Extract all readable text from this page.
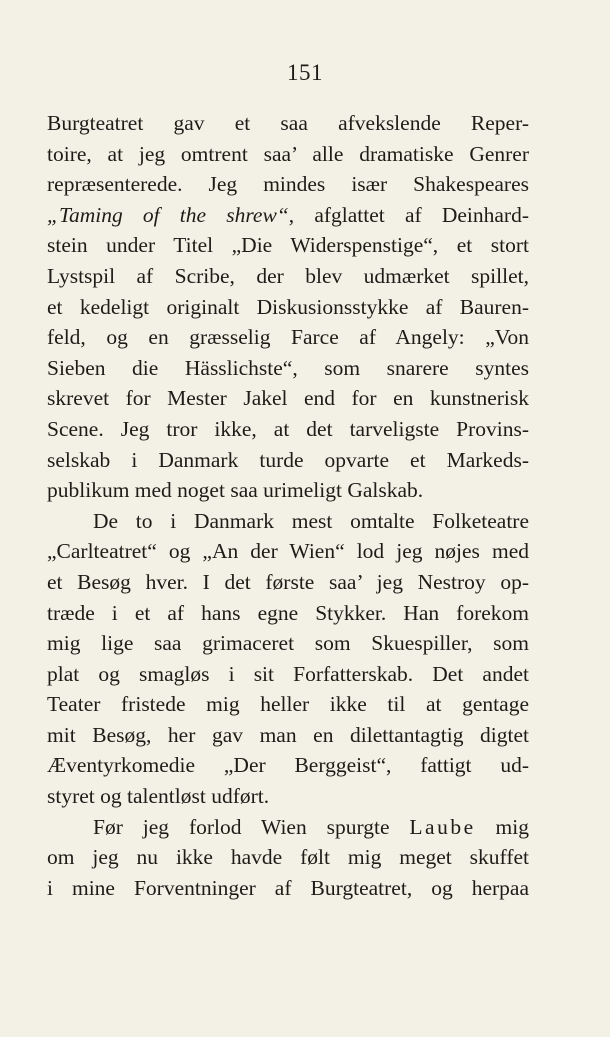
151
Burgteatret gav et saa afvekslende Reper-
toire, at jeg omtrent saa’ alle dramatiske Genrer
repræsenterede. Jeg mindes især Shakespeares
„Taming of the shrew“, afglattet af Deinhard-
stein under Titel „Die Widerspenstige“, et stort
Lystspil af Scribe, der blev udmærket spillet,
et kedeligt originalt Diskusionsstykke af Bauren-
feld, og en græsselig Farce af Angely: „Von
Sieben die Hässlichste“, som snarere syntes
skrevet for Mester Jakel end for en kunstnerisk
Scene. Jeg tror ikke, at det tarveligste Provins-
selskab i Danmark turde opvarte et Markeds-
publikum med noget saa urimeligt Galskab.
De to i Danmark mest omtalte Folketeatre
„Carlteatret“ og „An der Wien“ lod jeg nøjes med
et Besøg hver. I det første saa’ jeg Nestroy op-
træde i et af hans egne Stykker. Han forekom
mig lige saa grimaceret som Skuespiller, som
plat og smagløs i sit Forfatterskab. Det andet
Teater fristede mig heller ikke til at gentage
mit Besøg, her gav man en dilettantagtig digtet
Æventyrkomedie „Der Berggeist“, fattigt ud-
styret og talentløst udført.
Før jeg forlod Wien spurgte Laube mig
om jeg nu ikke havde følt mig meget skuffet
i mine Forventninger af Burgteatret, og herpaa
